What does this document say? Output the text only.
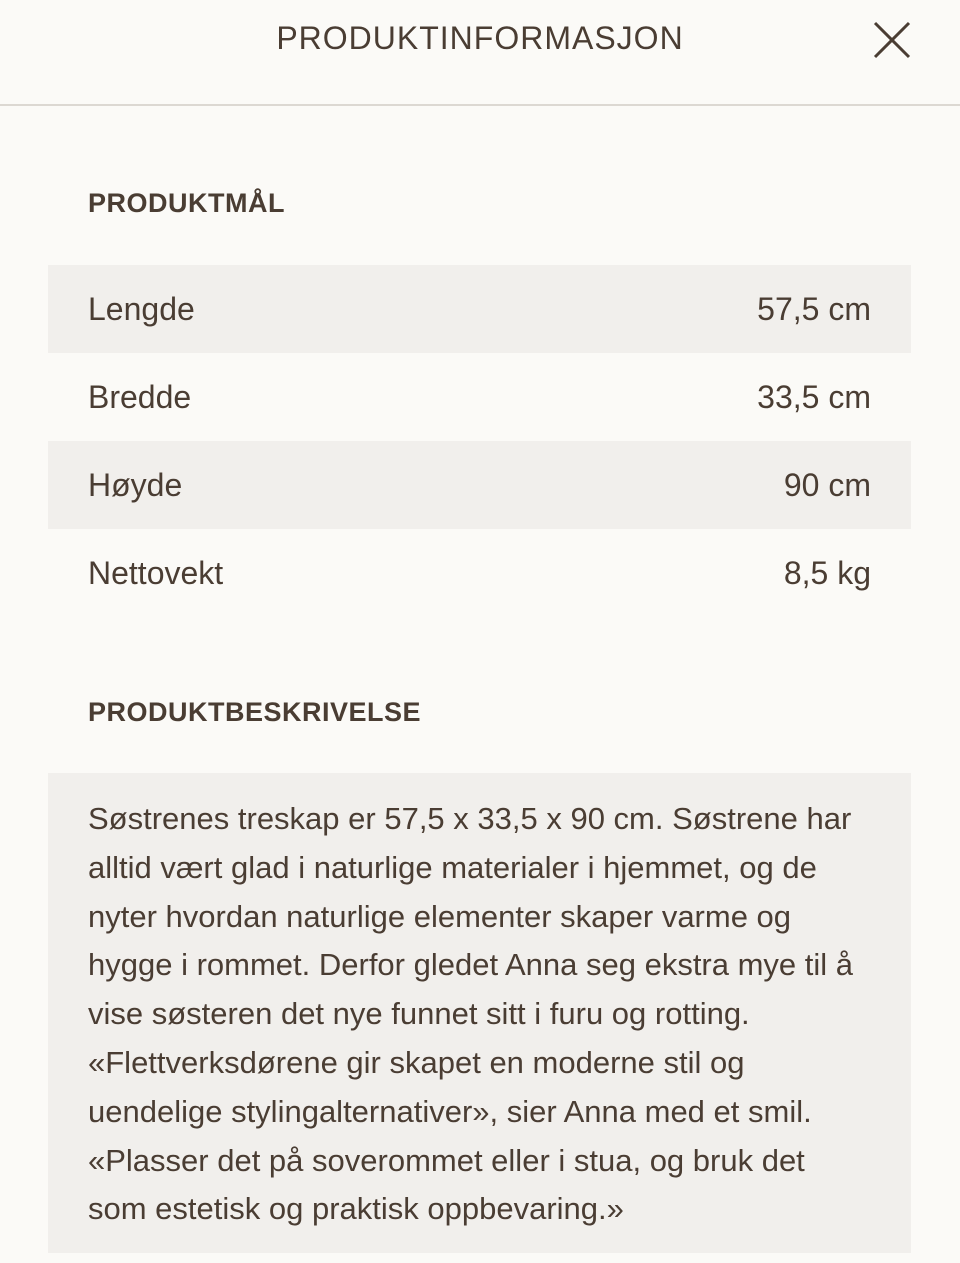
PRODUKTINFORMASJON
PRODUKTMÅL
Lengde	57,5 cm
Bredde	33,5 cm
Høyde	90 cm
Nettovekt	8,5 kg
PRODUKTBESKRIVELSE
Søstrenes treskap er 57,5 x 33,5 x 90 cm. Søstrene har alltid vært glad i naturlige materialer i hjemmet, og de nyter hvordan naturlige elementer skaper varme og hygge i rommet. Derfor gledet Anna seg ekstra mye til å vise søsteren det nye funnet sitt i furu og rotting. «Flettverksdørene gir skapet en moderne stil og uendelige stylingalternativer», sier Anna med et smil. «Plasser det på soverommet eller i stua, og bruk det som estetisk og praktisk oppbevaring.»
